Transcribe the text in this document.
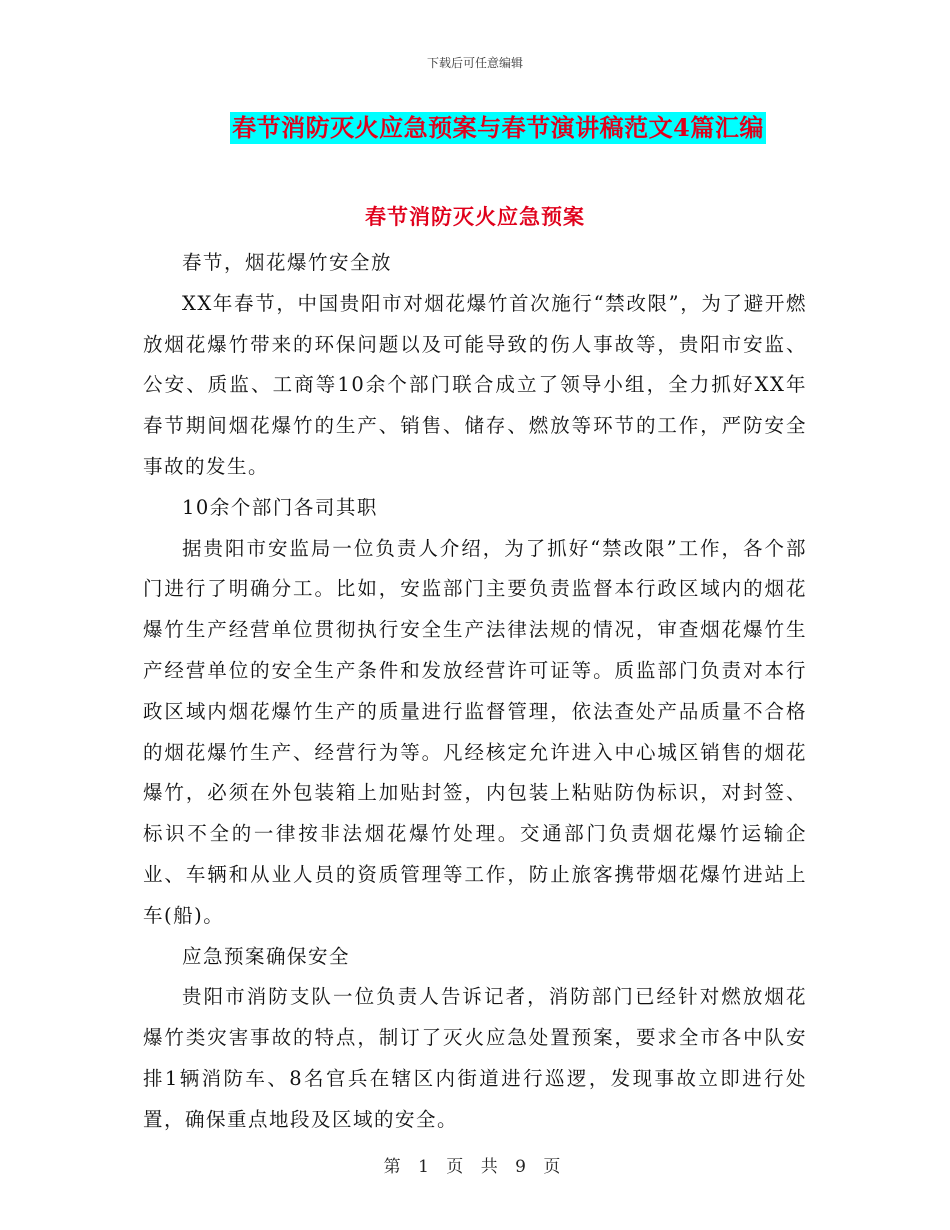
下载后可任意编辑
春节消防灭火应急预案与春节演讲稿范文4篇汇编
春节消防灭火应急预案

春节，烟花爆竹安全放

XX年春节，中国贵阳市对烟花爆竹首次施行“禁改限”，为了避开燃放烟花爆竹带来的环保问题以及可能导致的伤人事故等，贵阳市安监、公安、质监、工商等10余个部门联合成立了领导小组，全力抓好XX年春节期间烟花爆竹的生产、销售、储存、燃放等环节的工作，严防安全事故的发生。

10余个部门各司其职

据贵阳市安监局一位负责人介绍，为了抓好“禁改限”工作，各个部门进行了明确分工。比如，安监部门主要负责监督本行政区域内的烟花爆竹生产经营单位贯彻执行安全生产法律法规的情况，审查烟花爆竹生产经营单位的安全生产条件和发放经营许可证等。质监部门负责对本行政区域内烟花爆竹生产的质量进行监督管理，依法查处产品质量不合格的烟花爆竹生产、经营行为等。凡经核定允许进入中心城区销售的烟花爆竹，必须在外包装箱上加贴封签，内包装上粘贴防伪标识，对封签、标识不全的一律按非法烟花爆竹处理。交通部门负责烟花爆竹运输企业、车辆和从业人员的资质管理等工作，防止旅客携带烟花爆竹进站上车(船)。

应急预案确保安全

贵阳市消防支队一位负责人告诉记者，消防部门已经针对燃放烟花爆竹类灾害事故的特点，制订了灭火应急处置预案，要求全市各中队安排1辆消防车、8名官兵在辖区内街道进行巡逻，发现事故立即进行处置，确保重点地段及区域的安全。

第 1 页 共 9 页
